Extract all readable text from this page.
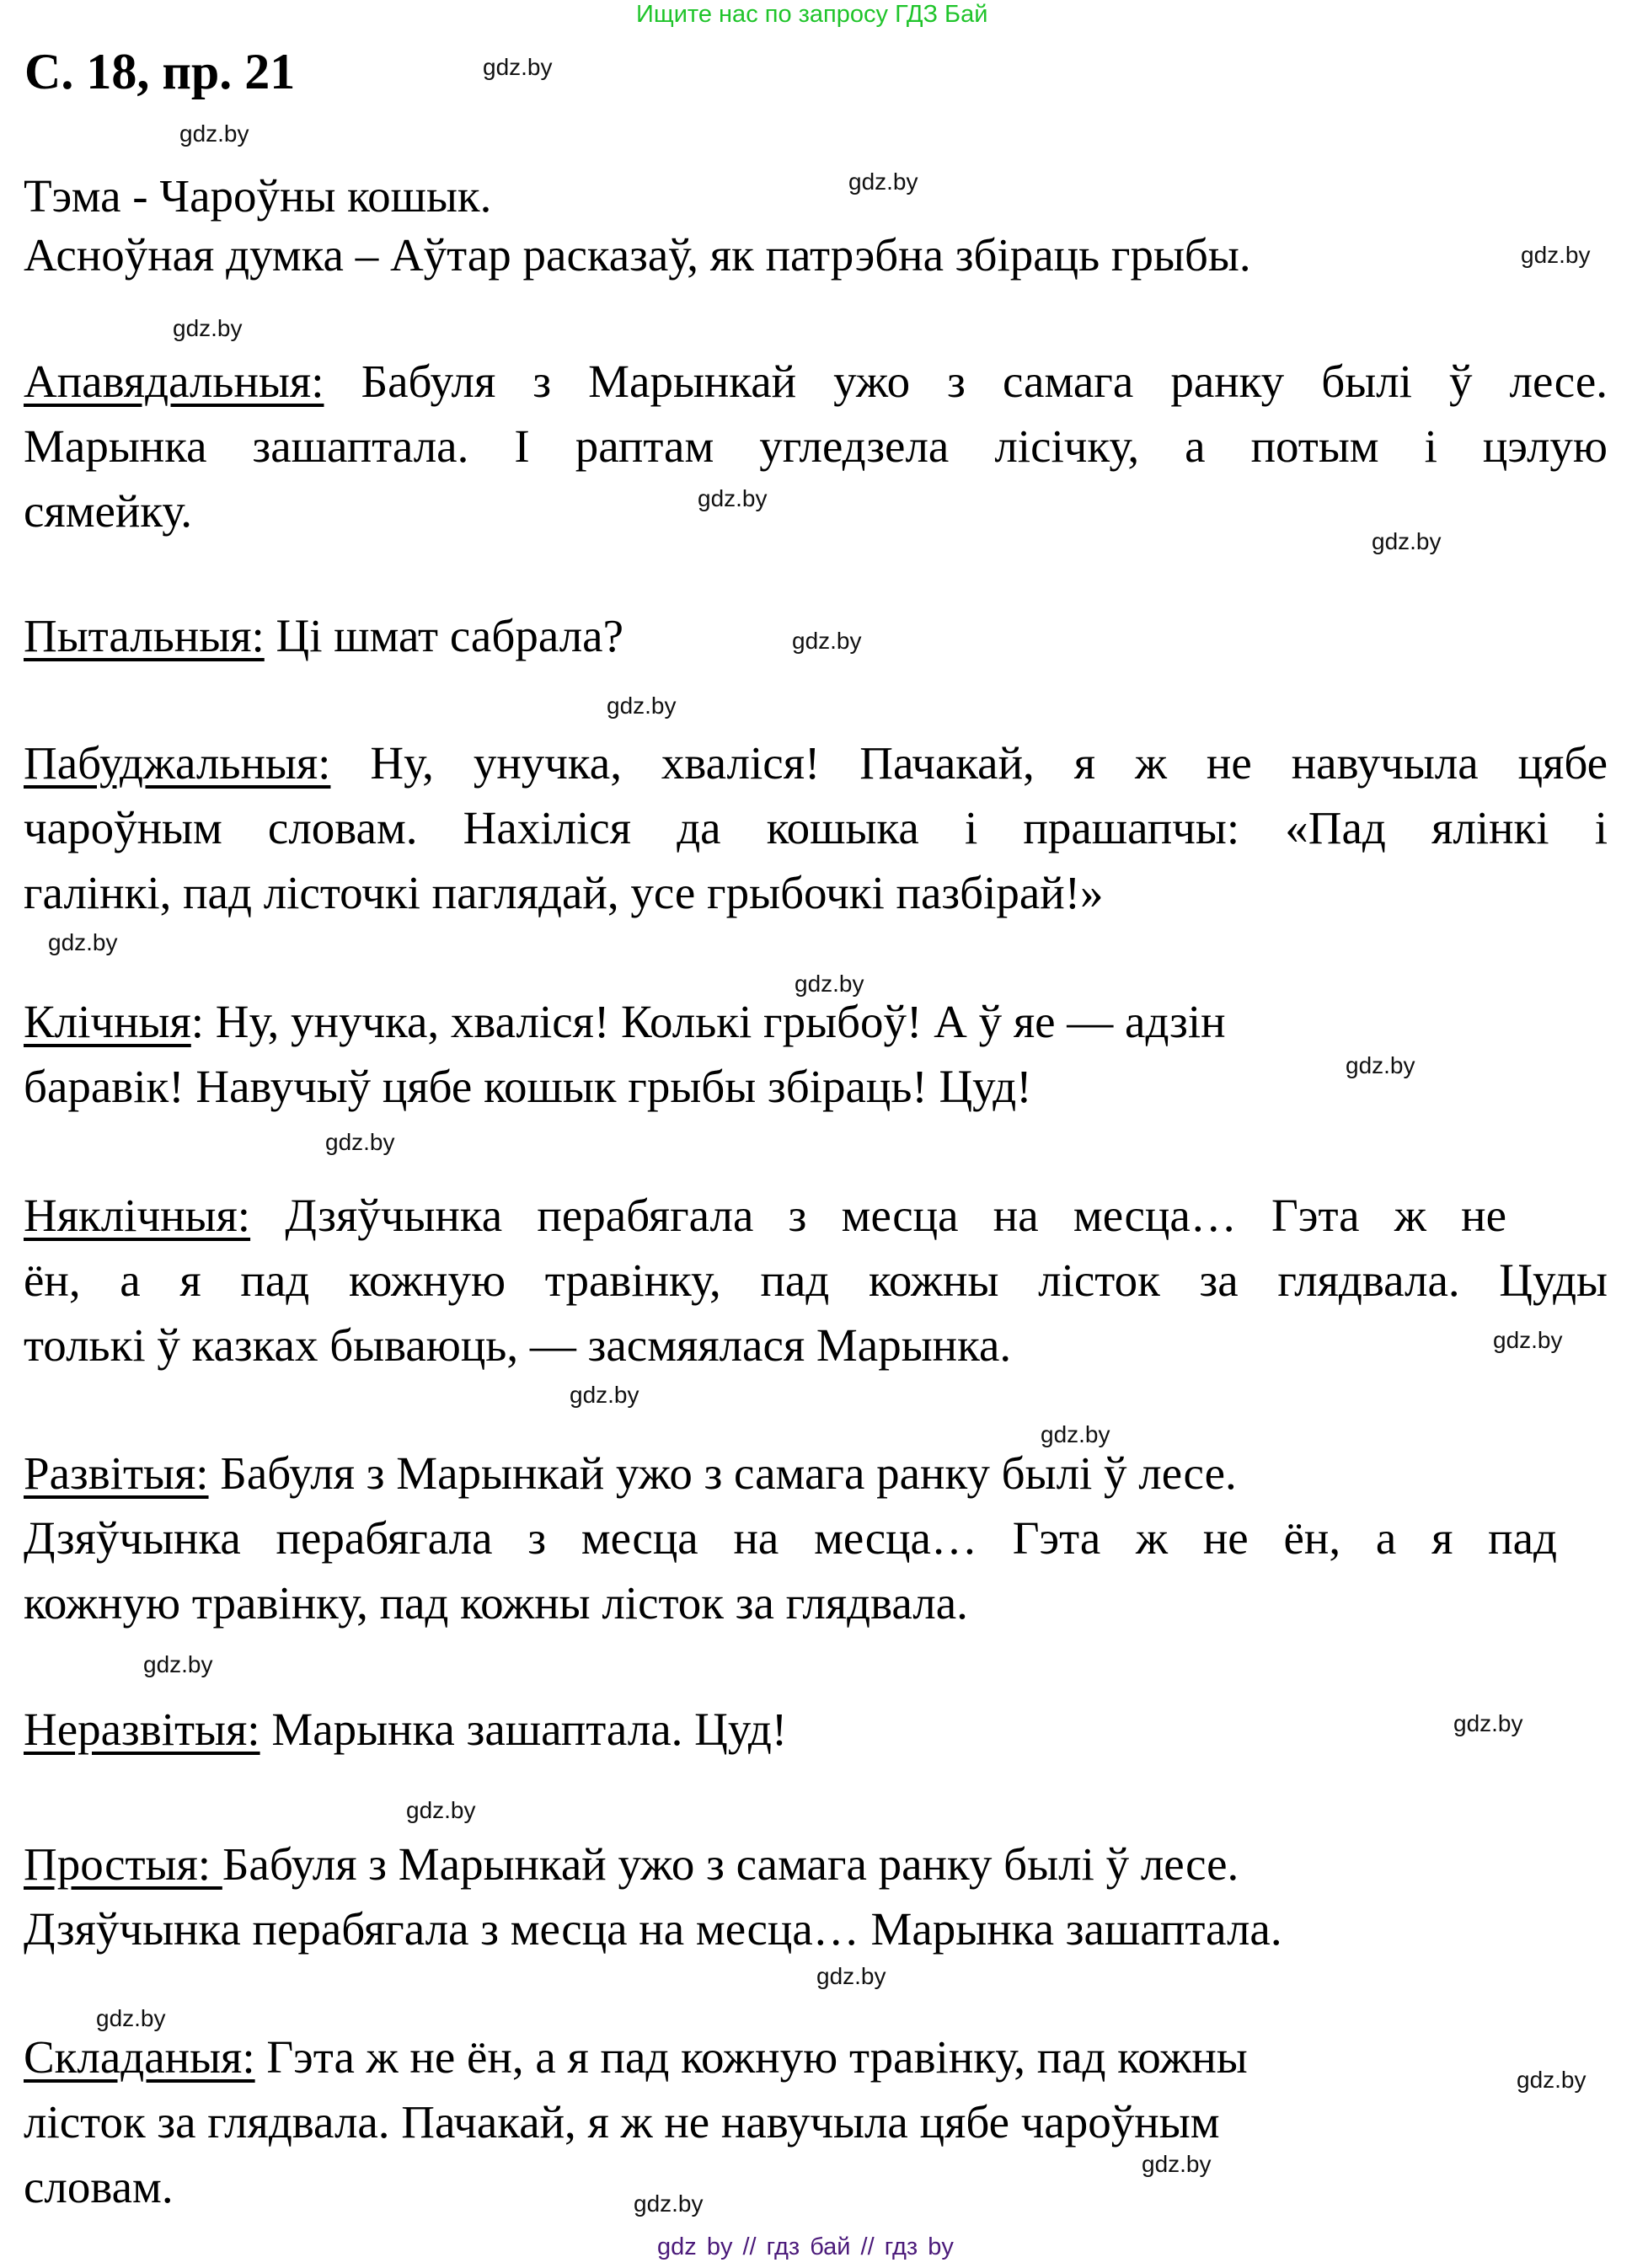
Ищите нас по запросу ГДЗ Бай
С. 18, пр. 21	gdz.by
gdz.by
gdz.by
gdz.by
gdz.by
gdz.by
gdz.by
gdz.by
gdz.by
gdz.by
gdz.by
gdz.by
gdz.by
gdz.by
gdz.by
gdz.by
gdz.by
gdz.by
gdz.by
gdz.by
gdz.by
gdz.by
gdz.by
gdz.by
Тэма - Чароўны кошык.
Асноўная думка – Аўтар расказаў, як патрэбна збіраць грыбы.
Апавядальныя: Бабуля з Марынкай ужо з самага ранку былі ў лесе.
Марынка зашаптала. І раптам угледзела лісічку, а потым і цэлую
сямейку.
Пытальныя: Ці шмат сабрала?
Пабуджальныя: Ну, унучка, хваліся! Пачакай, я ж не навучыла цябе
чароўным словам. Нахіліся да кошыка і прашапчы: «Пад ялінкі і
галінкі, пад лісточкі паглядай, усе грыбочкі пазбірай!»
Клічныя: Ну, унучка, хваліся! Колькі грыбоў! А ў яе — адзін
баравік! Навучыў цябе кошык грыбы збіраць! Цуд!
Няклічныя: Дзяўчынка перабягала з месца на месца… Гэта ж не
ён, а я пад кожную травінку, пад кожны лісток за глядвала. Цуды
толькі ў казках бываюць, — засмяялася Марынка.
Развітыя: Бабуля з Марынкай ужо з самага ранку былі ў лесе.
Дзяўчынка перабягала з месца на месца… Гэта ж не ён, а я пад
кожную травінку, пад кожны лісток за глядвала.
Неразвітыя: Марынка зашаптала. Цуд!
Простыя: Бабуля з Марынкай ужо з самага ранку былі ў лесе.
Дзяўчынка перабягала з месца на месца… Марынка зашаптала.
Складаныя: Гэта ж не ён, а я пад кожную травінку, пад кожны
лісток за глядвала. Пачакай, я ж не навучыла цябе чароўным
словам.
gdz by // гдз бай // гдз by
